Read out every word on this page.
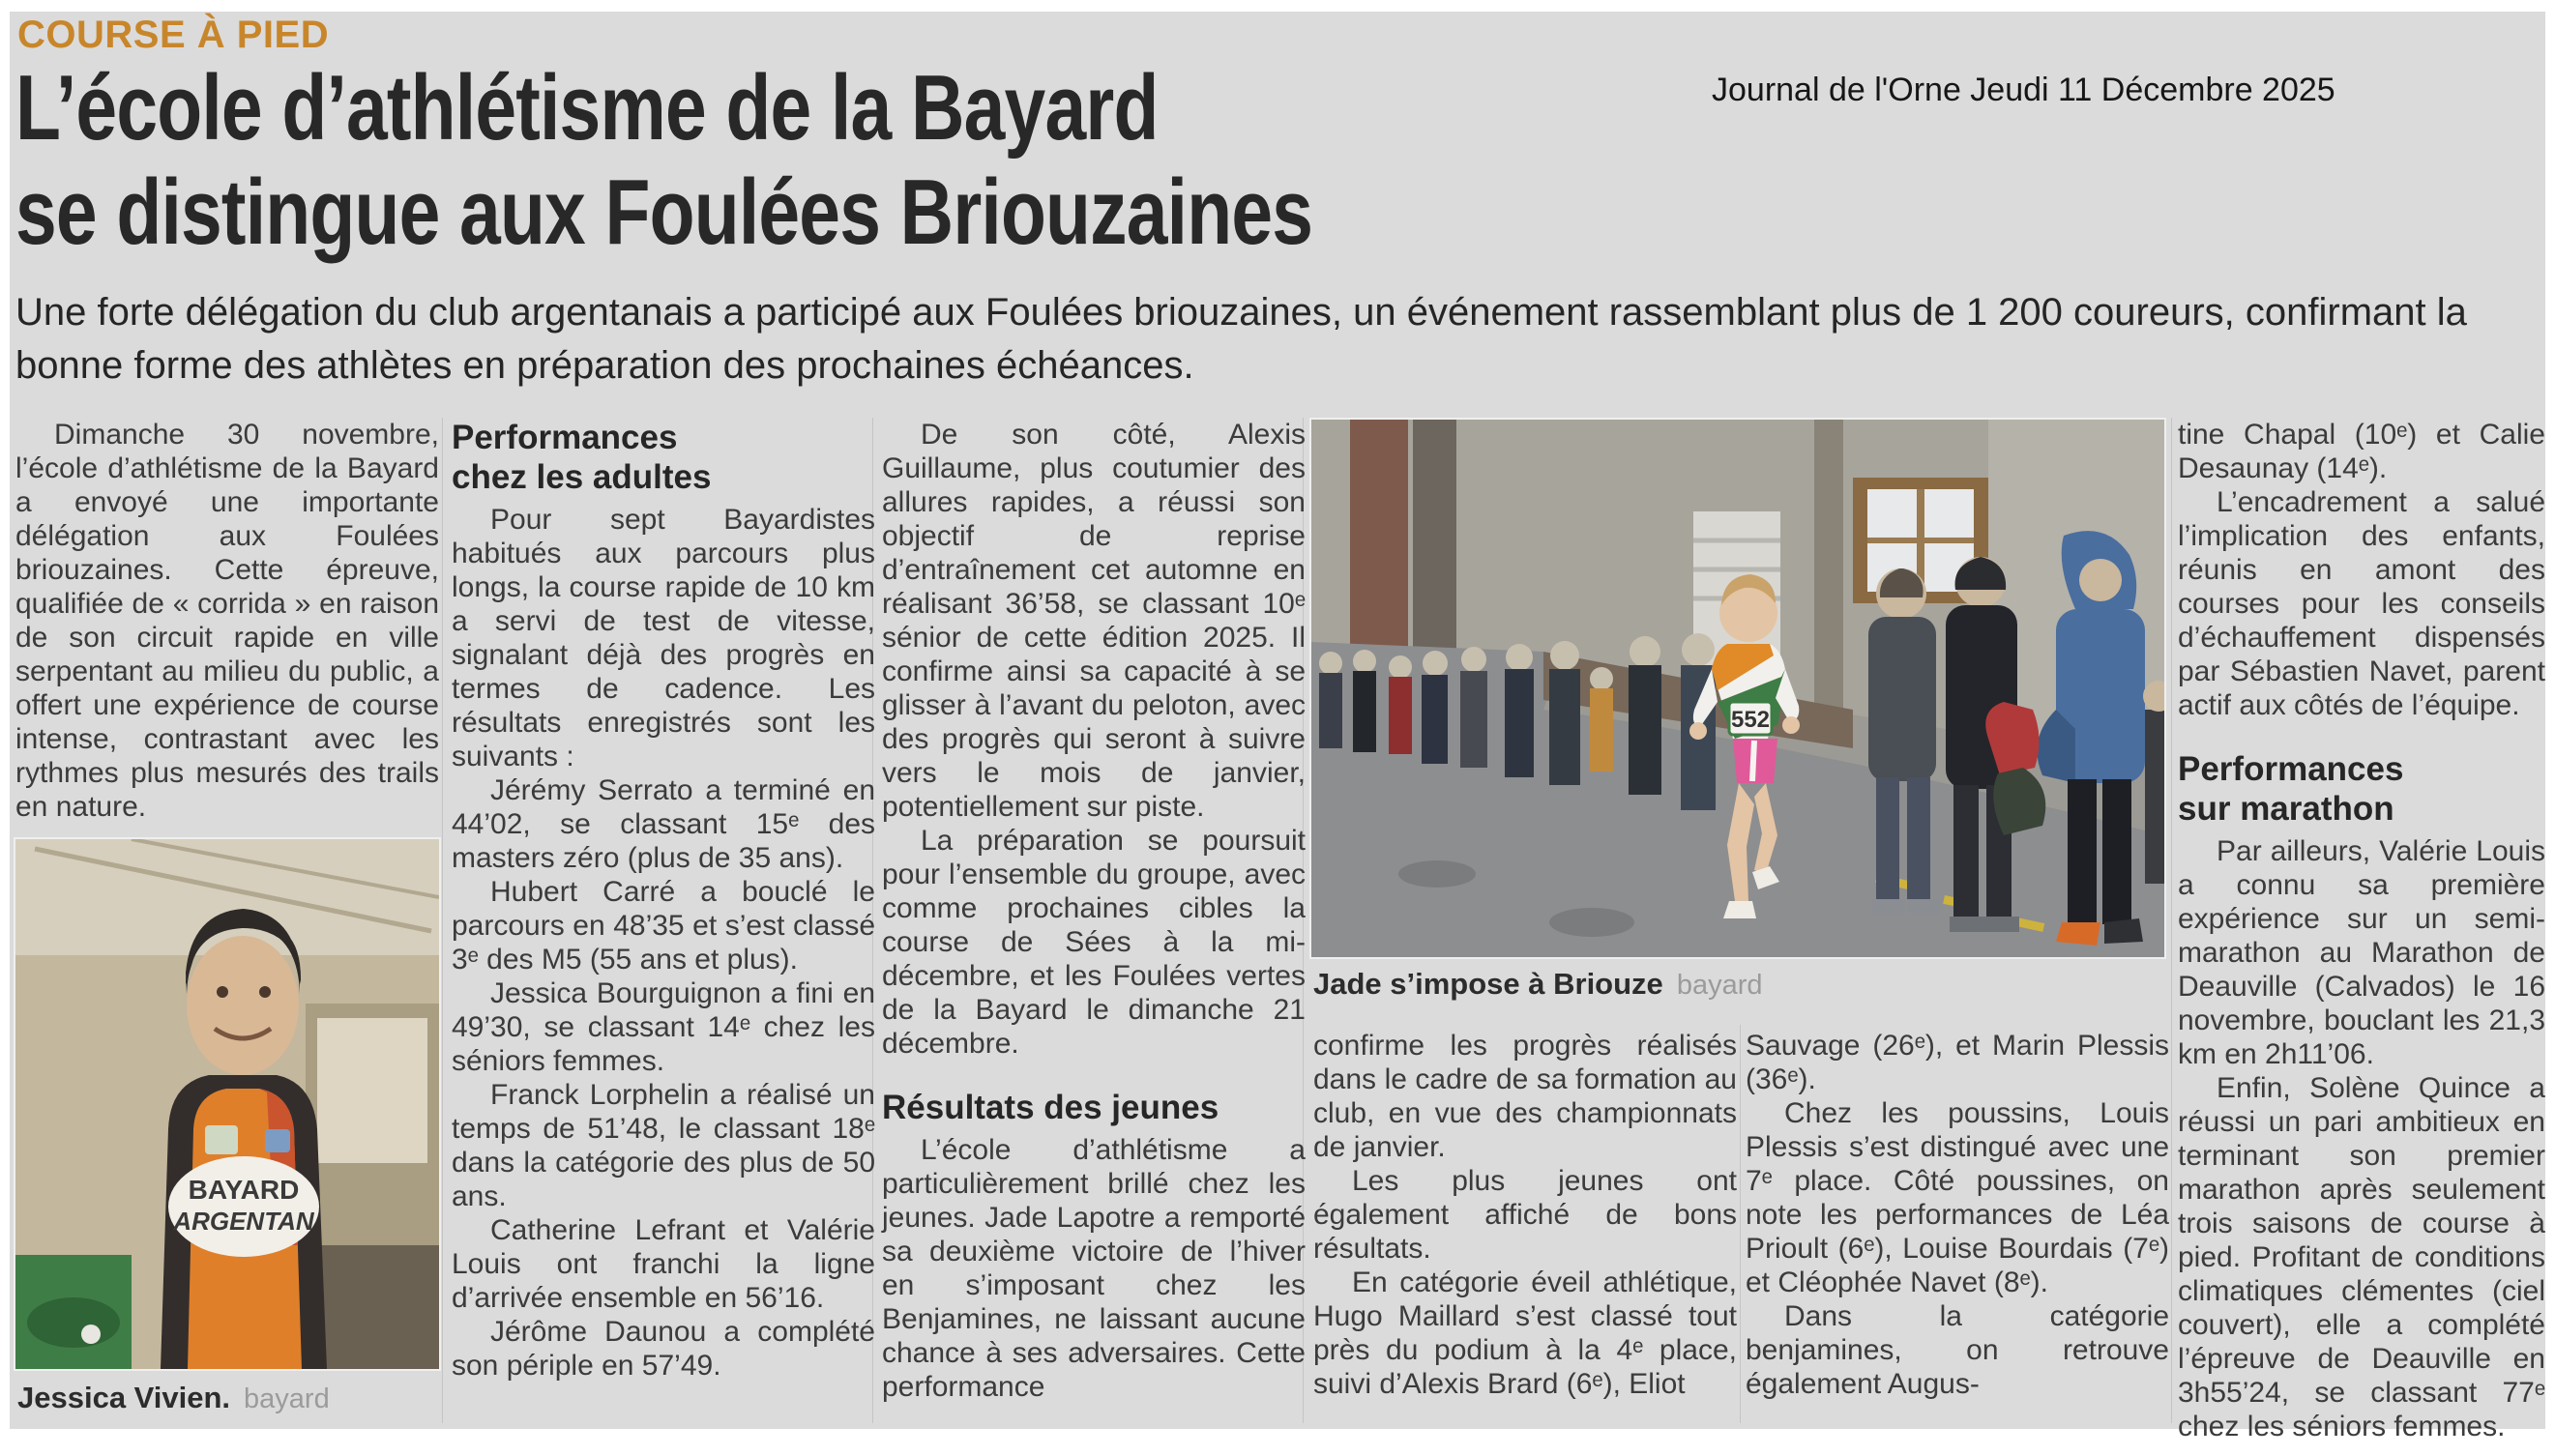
COURSE À PIED
Journal de l'Orne Jeudi 11 Décembre 2025
L’école d’athlétisme de la Bayard
se distingue aux Foulées Briouzaines
Une forte délégation du club argentanais a participé aux Foulées briouzaines, un événement rassemblant plus de 1 200 coureurs, confirmant la bonne forme des athlètes en préparation des prochaines échéances.

Dimanche 30 novembre, l’école d’athlétisme de la Bayard a envoyé une importante délégation aux Foulées briouzaines. Cette épreuve, qualifiée de « corrida » en raison de son circuit rapide en ville serpentant au milieu du public, a offert une expérience de course intense, contrastant avec les rythmes plus mesurés des trails en nature.

BAYARD
ARGENTAN
Jessica Vivien. bayard
Performances
chez les adultes

Pour sept Bayardistes habitués aux parcours plus longs, la course rapide de 10 km a servi de test de vitesse, signalant déjà des progrès en termes de cadence. Les résultats enregistrés sont les suivants :

Jérémy Serrato a terminé en 44’02, se classant 15ᵉ des masters zéro (plus de 35 ans).

Hubert Carré a bouclé le parcours en 48’35 et s’est classé 3ᵉ des M5 (55 ans et plus).

Jessica Bourguignon a fini en 49’30, se classant 14ᵉ chez les séniors femmes.

Franck Lorphelin a réalisé un temps de 51’48, le classant 18ᵉ dans la catégorie des plus de 50 ans.

Catherine Lefrant et Valérie Louis ont franchi la ligne d’arrivée ensemble en 56’16.

Jérôme Daunou a complété son périple en 57’49.

De son côté, Alexis Guillaume, plus coutumier des allures rapides, a réussi son objectif de reprise d’entraînement cet automne en réalisant 36’58, se classant 10ᵉ sénior de cette édition 2025. Il confirme ainsi sa capacité à se glisser à l’avant du peloton, avec des progrès qui seront à suivre vers le mois de janvier, potentiellement sur piste.

La préparation se poursuit pour l’ensemble du groupe, avec comme prochaines cibles la course de Sées à la mi-décembre, et les Foulées vertes de la Bayard le dimanche 21 décembre.

Résultats des jeunes

L’école d’athlétisme a particulièrement brillé chez les jeunes. Jade Lapotre a remporté sa deuxième victoire de l’hiver en s’imposant chez les Benjamines, ne laissant aucune chance à ses adversaires. Cette performance

552
Jade s’impose à Briouze bayard

confirme les progrès réalisés dans le cadre de sa formation au club, en vue des championnats de janvier.

Les plus jeunes ont également affiché de bons résultats.

En catégorie éveil athlétique, Hugo Maillard s’est classé tout près du podium à la 4ᵉ place, suivi d’Alexis Brard (6ᵉ), Eliot

Sauvage (26ᵉ), et Marin Plessis (36ᵉ).

Chez les poussins, Louis Plessis s’est distingué avec une 7ᵉ place. Côté poussines, on note les performances de Léa Prioult (6ᵉ), Louise Bourdais (7ᵉ) et Cléophée Navet (8ᵉ).

Dans la catégorie benjamines, on retrouve également Augus-

tine Chapal (10ᵉ) et Calie Desaunay (14ᵉ).

L’encadrement a salué l’implication des enfants, réunis en amont des courses pour les conseils d’échauffement dispensés par Sébastien Navet, parent actif aux côtés de l’équipe.

Performances
sur marathon

Par ailleurs, Valérie Louis a connu sa première expérience sur un semi-marathon au Marathon de Deauville (Calvados) le 16 novembre, bouclant les 21,3 km en 2h11’06.

Enfin, Solène Quince a réussi un pari ambitieux en terminant son premier marathon après seulement trois saisons de course à pied. Profitant de conditions climatiques clémentes (ciel couvert), elle a complété l’épreuve de Deauville en 3h55’24, se classant 77ᵉ chez les séniors femmes.
